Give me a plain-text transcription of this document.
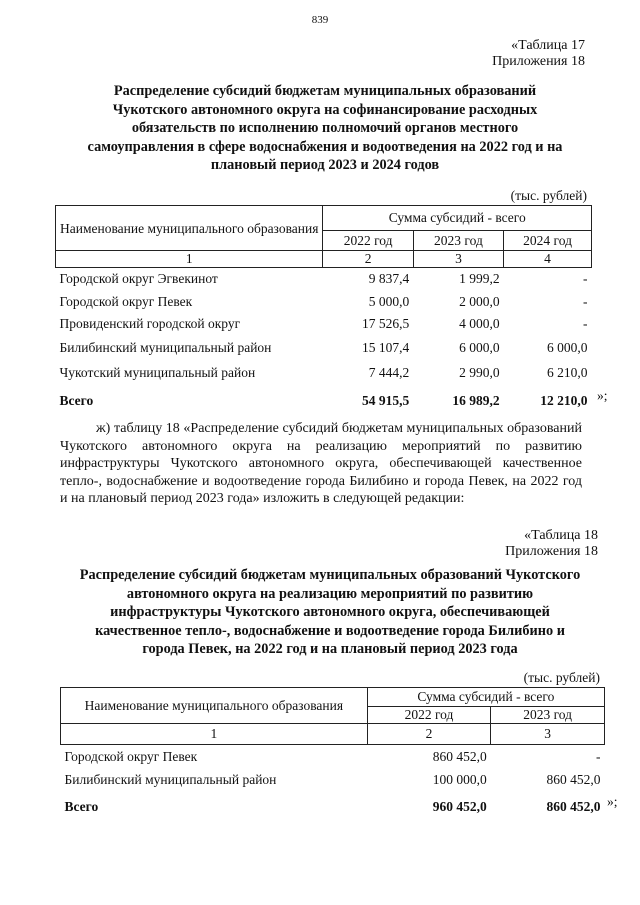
839
«Таблица 17
Приложения 18
Распределение субсидий бюджетам муниципальных образований
Чукотского автономного округа на софинансирование расходных
обязательств по исполнению полномочий органов местного
самоуправления в сфере водоснабжения и водоотведения на 2022 год и на
плановый период 2023 и 2024 годов
(тыс. рублей)
Наименование муниципального образования	Сумма субсидий - всего		
	2022 год	2023 год	2024 год
1	2	3	4
Городской округ Эгвекинот	9 837,4	1 999,2	-
Городской округ Певек	5 000,0	2 000,0	-
Провиденский городской округ	17 526,5	4 000,0	-
Билибинский муниципальный район	15 107,4	6 000,0	6 000,0
Чукотский муниципальный район	7 444,2	2 990,0	6 210,0
Всего	54 915,5	16 989,2	12 210,0 »;
ж) таблицу 18 «Распределение субсидий бюджетам муниципальных образований Чукотского автономного округа на реализацию мероприятий по развитию инфраструктуры Чукотского автономного округа, обеспечивающей качественное тепло-, водоснабжение и водоотведение города Билибино и города Певек, на 2022 год и на плановый период 2023 года» изложить в следующей редакции:
«Таблица 18
Приложения 18
Распределение субсидий бюджетам муниципальных образований Чукотского
автономного округа на реализацию мероприятий по развитию
инфраструктуры Чукотского автономного округа, обеспечивающей
качественное тепло-, водоснабжение и водоотведение города Билибино и
города Певек, на 2022 год и на плановый период 2023 года
(тыс. рублей)
Наименование муниципального образования	Сумма субсидий - всего	
	2022 год	2023 год
1	2	3
Городской округ Певек	860 452,0	-
Билибинский муниципальный район	100 000,0	860 452,0
Всего	960 452,0	860 452,0 »;
